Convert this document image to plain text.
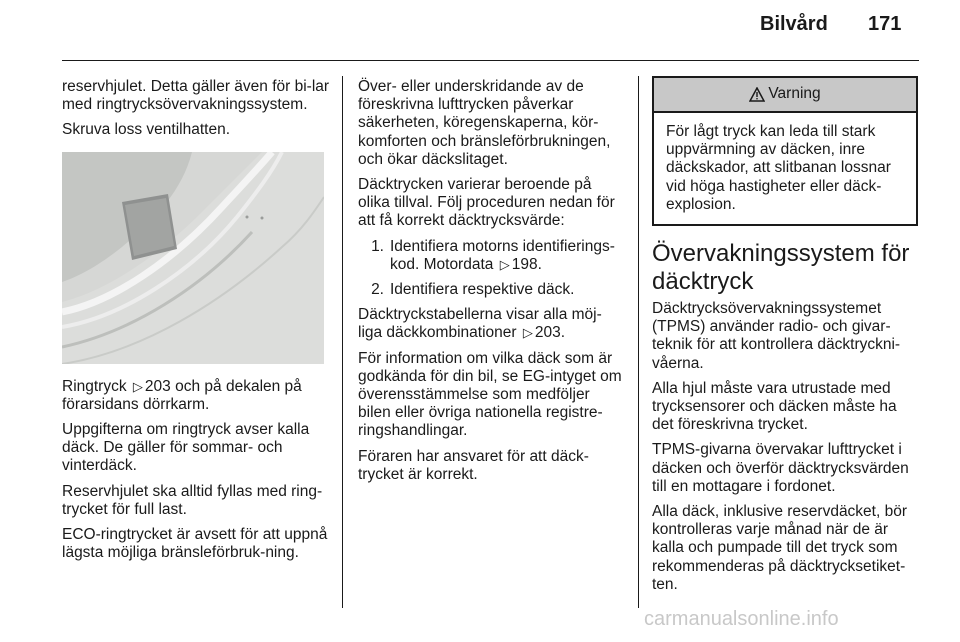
Bilvård 171

reservhjulet. Detta gäller även för bi-lar med ringtrycksövervakningssystem.

Skruva loss ventilhatten.

Ringtryck ▷ 203 och på dekalen på förarsidans dörrkarm.

Uppgifterna om ringtryck avser kalla däck. De gäller för sommar- och vinterdäck.

Reservhjulet ska alltid fyllas med ring-trycket för full last.

ECO-ringtrycket är avsett för att uppnå lägsta möjliga bränsleförbruk-ning.

Över- eller underskridande av de föreskrivna lufttrycken påverkar säkerheten, köregenskaperna, kör-komforten och bränsleförbrukningen, och ökar däckslitaget.

Däcktrycken varierar beroende på olika tillval. Följ proceduren nedan för att få korrekt däcktrycksvärde:

1. Identifiera motorns identifierings-kod. Motordata ▷ 198.
2. Identifiera respektive däck.

Däcktryckstabellerna visar alla möj-liga däckkombinationer ▷ 203.

För information om vilka däck som är godkända för din bil, se EG-intyget om överensstämmelse som medföljer bilen eller övriga nationella registre-ringshandlingar.

Föraren har ansvaret för att däck-trycket är korrekt.

Varning
För lågt tryck kan leda till stark uppvärmning av däcken, inre däckskador, att slitbanan lossnar vid höga hastigheter eller däck-explosion.
Övervakningssystem för däcktryck

Däcktrycksövervakningssystemet (TPMS) använder radio- och givar-teknik för att kontrollera däcktryckni-våerna.

Alla hjul måste vara utrustade med trycksensorer och däcken måste ha det föreskrivna trycket.

TPMS-givarna övervakar lufttrycket i däcken och överför däcktrycksvärden till en mottagare i fordonet.

Alla däck, inklusive reservdäcket, bör kontrolleras varje månad när de är kalla och pumpade till det tryck som rekommenderas på däcktrycksetiket-ten.

carmanualsonline.info
